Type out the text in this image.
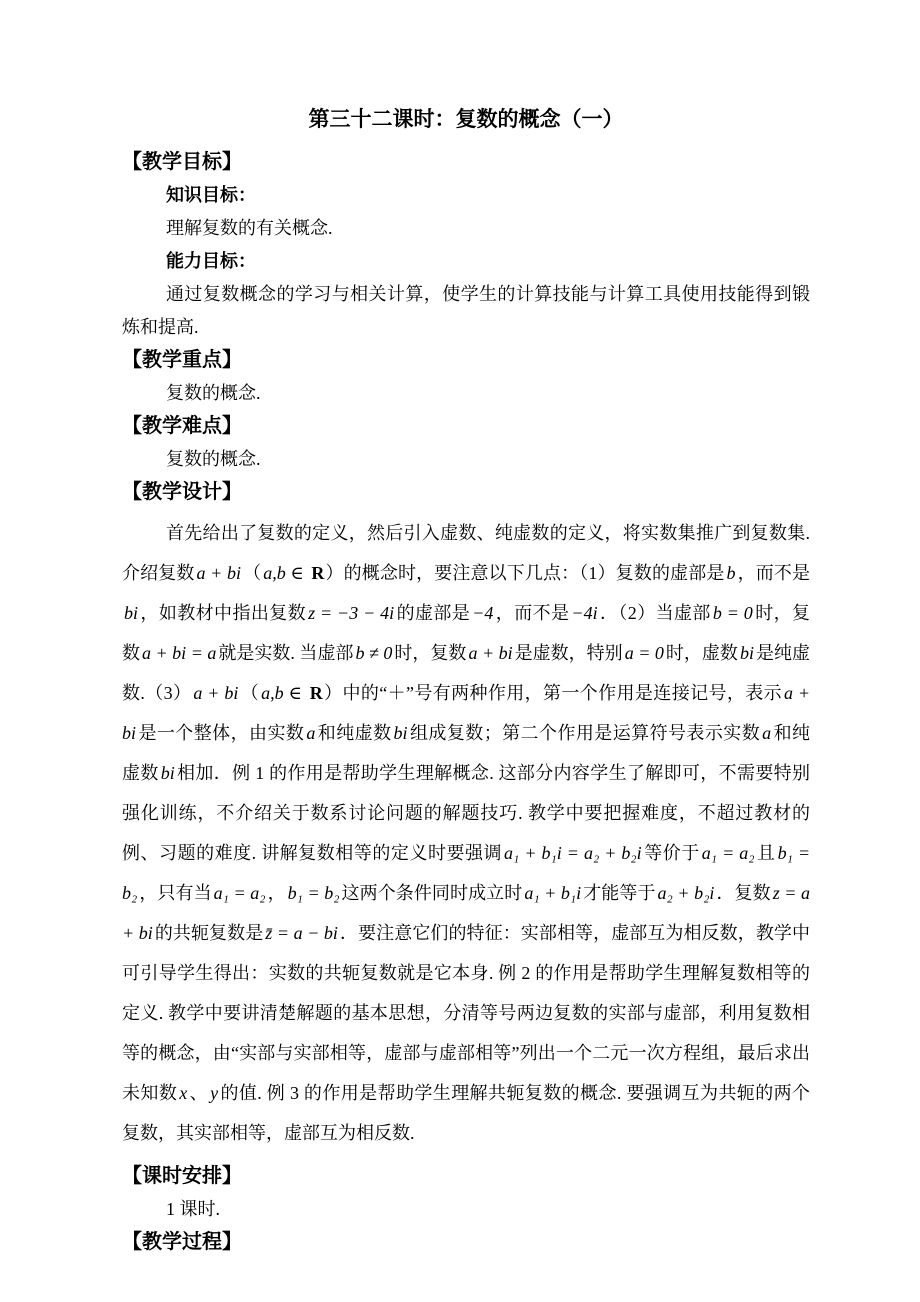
第三十二课时：复数的概念（一）
【教学目标】

知识目标：

理解复数的有关概念.

能力目标：

通过复数概念的学习与相关计算，使学生的计算技能与计算工具使用技能得到锻炼和提高.

【教学重点】

复数的概念.

【教学难点】

复数的概念.

【教学设计】

首先给出了复数的定义，然后引入虚数、纯虚数的定义，将实数集推广到复数集. 介绍复数 a + bi （ a,b ∈ R）的概念时，要注意以下几点：（1）复数的虚部是 b ，而不是bi ，如教材中指出复数 z = −3 − 4i 的虚部是 −4 ，而不是 −4i ．（2）当虚部 b = 0 时，复数 a + bi = a 就是实数. 当虚部 b ≠ 0 时，复数 a + bi 是虚数，特别 a = 0 时，虚数 bi 是纯虚数.（3） a + bi （ a,b ∈ R）中的“＋”号有两种作用，第一个作用是连接记号，表示 a + bi 是一个整体，由实数 a 和纯虚数 bi 组成复数；第二个作用是运算符号表示实数 a 和纯虚数 bi 相加．例 1 的作用是帮助学生理解概念. 这部分内容学生了解即可，不需要特别强化训练，不介绍关于数系讨论问题的解题技巧. 教学中要把握难度，不超过教材的例、习题的难度. 讲解复数相等的定义时要强调 a₁ + b₁i = a₂ + b₂i 等价于 a₁ = a₂ 且 b₁ = b₂ ，只有当 a₁ = a₂ ， b₁ = b₂ 这两个条件同时成立时 a₁ + b₁i 才能等于 a₂ + b₂i ．复数 z = a + bi 的共轭复数是 z̄ = a − bi ．要注意它们的特征：实部相等，虚部互为相反数，教学中可引导学生得出：实数的共轭复数就是它本身. 例 2 的作用是帮助学生理解复数相等的定义. 教学中要讲清楚解题的基本思想，分清等号两边复数的实部与虚部，利用复数相等的概念，由“实部与实部相等，虚部与虚部相等”列出一个二元一次方程组，最后求出未知数 x 、 y 的值. 例 3 的作用是帮助学生理解共轭复数的概念. 要强调互为共轭的两个复数，其实部相等，虚部互为相反数.

【课时安排】

1 课时.

【教学过程】
